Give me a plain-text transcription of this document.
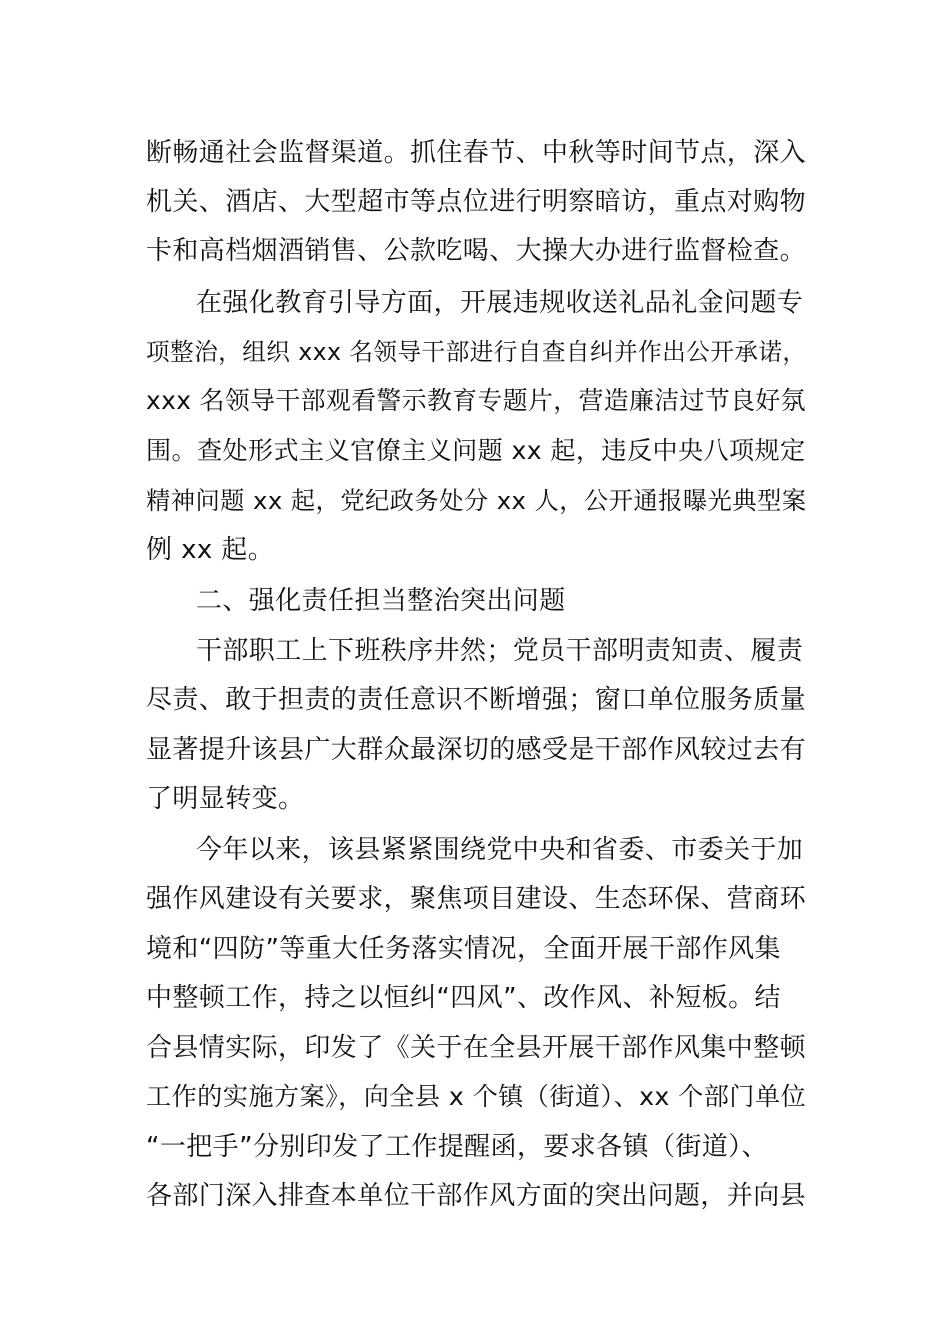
断畅通社会监督渠道。抓住春节、中秋等时间节点，深入
机关、酒店、大型超市等点位进行明察暗访，重点对购物
卡和高档烟酒销售、公款吃喝、大操大办进行监督检查。
在强化教育引导方面，开展违规收送礼品礼金问题专
项整治，组织 xxx 名领导干部进行自查自纠并作出公开承诺，
xxx 名领导干部观看警示教育专题片，营造廉洁过节良好氛
围。查处形式主义官僚主义问题 xx 起，违反中央八项规定
精神问题 xx 起，党纪政务处分 xx 人，公开通报曝光典型案
例 xx 起。
二、强化责任担当整治突出问题
干部职工上下班秩序井然；党员干部明责知责、履责
尽责、敢于担责的责任意识不断增强；窗口单位服务质量
显著提升该县广大群众最深切的感受是干部作风较过去有
了明显转变。
今年以来，该县紧紧围绕党中央和省委、市委关于加
强作风建设有关要求，聚焦项目建设、生态环保、营商环
境和“四防”等重大任务落实情况，全面开展干部作风集
中整顿工作，持之以恒纠“四风”、改作风、补短板。结
合县情实际，印发了《关于在全县开展干部作风集中整顿
工作的实施方案》，向全县 x 个镇（街道）、xx 个部门单位
“一把手”分别印发了工作提醒函，要求各镇（街道）、
各部门深入排查本单位干部作风方面的突出问题，并向县
